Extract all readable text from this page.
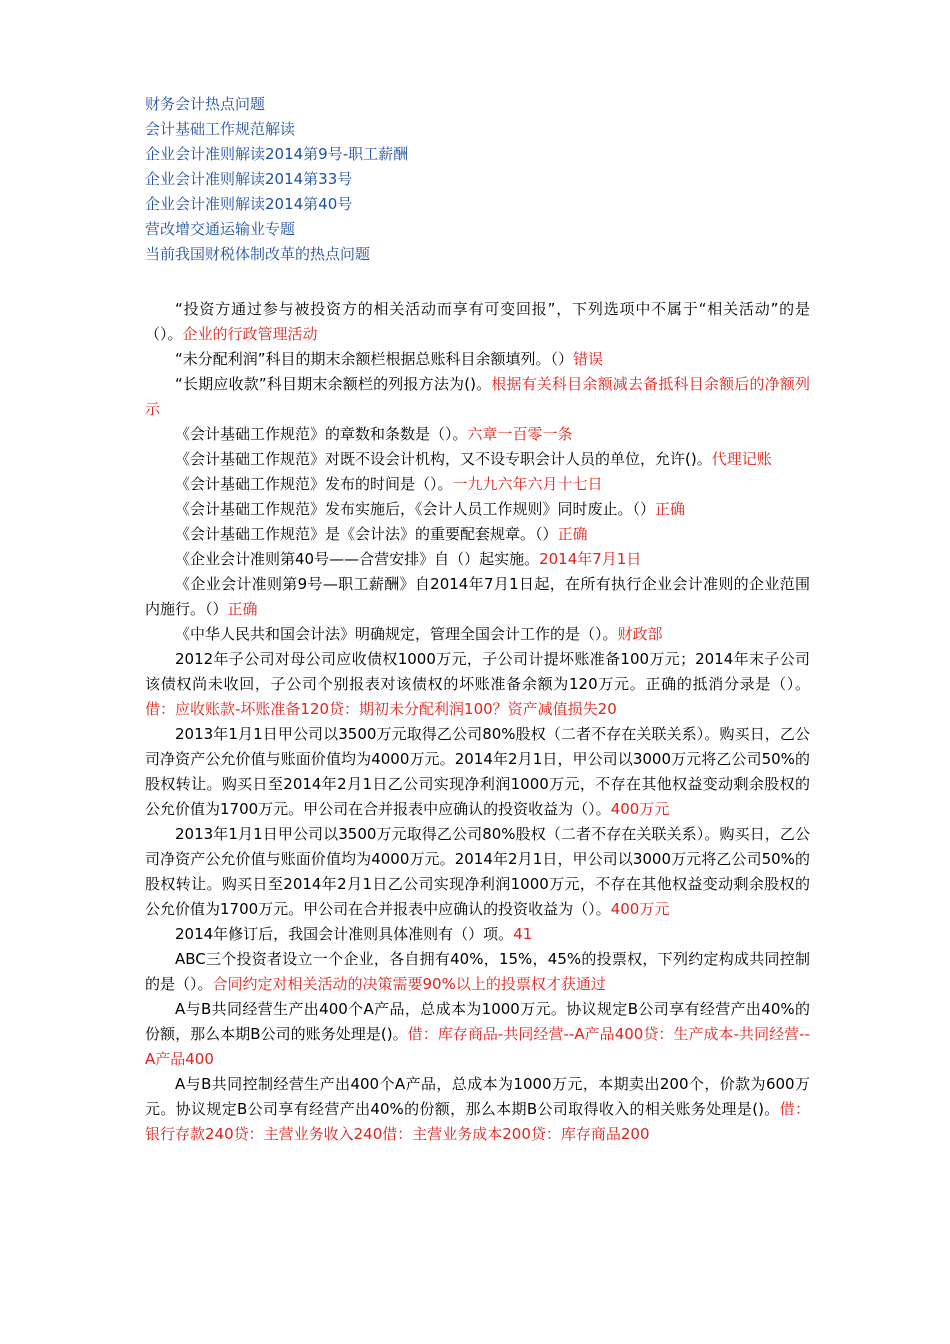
财务会计热点问题
会计基础工作规范解读
企业会计准则解读2014第9号-职工薪酬
企业会计准则解读2014第33号
企业会计准则解读2014第40号
营改增交通运输业专题
当前我国财税体制改革的热点问题

“投资方通过参与被投资方的相关活动而享有可变回报”，下列选项中不属于“相关活动”的是（）。企业的行政管理活动

“未分配利润”科目的期末余额栏根据总账科目余额填列。（）错误

“长期应收款”科目期末余额栏的列报方法为()。根据有关科目余额减去备抵科目余额后的净额列示

《会计基础工作规范》的章数和条数是（）。六章一百零一条

《会计基础工作规范》对既不设会计机构，又不设专职会计人员的单位，允许()。代理记账

《会计基础工作规范》发布的时间是（）。一九九六年六月十七日

《会计基础工作规范》发布实施后，《会计人员工作规则》同时废止。（）正确

《会计基础工作规范》是《会计法》的重要配套规章。（）正确

《企业会计准则第40号——合营安排》自（）起实施。2014年7月1日

《企业会计准则第9号—职工薪酬》自2014年7月1日起，在所有执行企业会计准则的企业范围内施行。（）正确

《中华人民共和国会计法》明确规定，管理全国会计工作的是（）。财政部

2012年子公司对母公司应收债权1000万元，子公司计提坏账准备100万元；2014年末子公司该债权尚未收回，子公司个别报表对该债权的坏账准备余额为120万元。正确的抵消分录是（）。借：应收账款-坏账准备120贷：期初未分配利润100？资产减值损失20

2013年1月1日甲公司以3500万元取得乙公司80%股权（二者不存在关联关系）。购买日，乙公司净资产公允价值与账面价值均为4000万元。2014年2月1日，甲公司以3000万元将乙公司50%的股权转让。购买日至2014年2月1日乙公司实现净利润1000万元，不存在其他权益变动剩余股权的公允价值为1700万元。甲公司在合并报表中应确认的投资收益为（）。400万元

2013年1月1日甲公司以3500万元取得乙公司80%股权（二者不存在关联关系）。购买日，乙公司净资产公允价值与账面价值均为4000万元。2014年2月1日，甲公司以3000万元将乙公司50%的股权转让。购买日至2014年2月1日乙公司实现净利润1000万元，不存在其他权益变动剩余股权的公允价值为1700万元。甲公司在合并报表中应确认的投资收益为（）。400万元

2014年修订后，我国会计准则具体准则有（）项。41

ABC三个投资者设立一个企业，各自拥有40%，15%，45%的投票权，下列约定构成共同控制的是（）。合同约定对相关活动的决策需要90%以上的投票权才获通过

A与B共同经营生产出400个A产品，总成本为1000万元。协议规定B公司享有经营产出40%的份额，那么本期B公司的账务处理是()。借：库存商品-共同经营--A产品400贷：生产成本-共同经营--A产品400

A与B共同控制经营生产出400个A产品，总成本为1000万元，本期卖出200个，价款为600万元。协议规定B公司享有经营产出40%的份额，那么本期B公司取得收入的相关账务处理是()。借：银行存款240贷：主营业务收入240借：主营业务成本200贷：库存商品200
